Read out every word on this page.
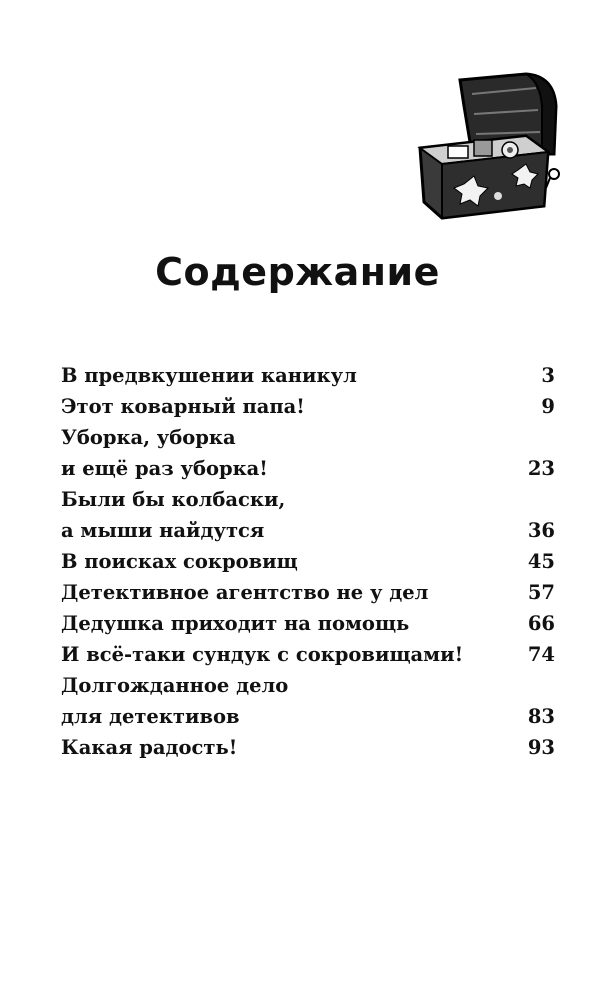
Содержание
В предвкушении каникул	3
Этот коварный папа!	9
Уборка, уборка
и ещё раз уборка!	23
Были бы колбаски,
а мыши найдутся	36
В поисках сокровищ	45
Детективное агентство не у дел	57
Дедушка приходит на помощь	66
И всё-таки сундук с сокровищами!	74
Долгожданное дело
для детективов	83
Какая радость!	93
